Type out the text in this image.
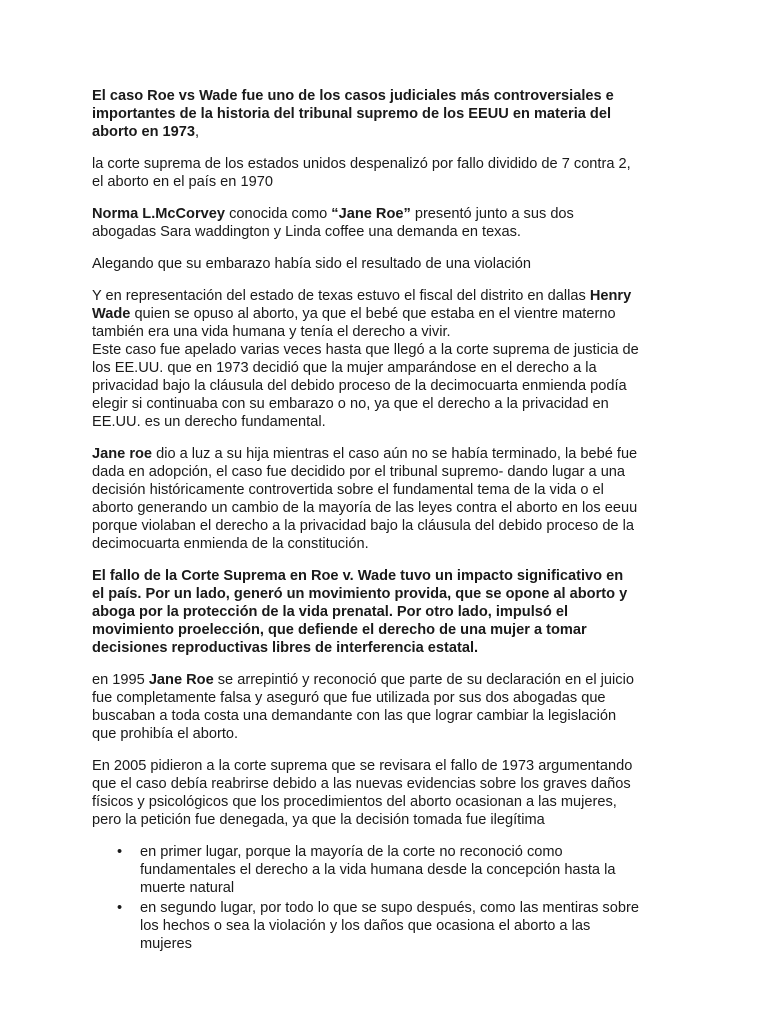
El caso Roe vs Wade fue uno de los casos judiciales más controversiales e
importantes de la historia del tribunal supremo de los EEUU en materia del
aborto en 1973,

la corte suprema de los estados unidos despenalizó por fallo dividido de 7 contra 2,
el aborto en el país en 1970

Norma L.McCorvey conocida como “Jane Roe” presentó junto a sus dos
abogadas Sara waddington y Linda coffee una demanda en texas.

Alegando que su embarazo había sido el resultado de una violación

Y en representación del estado de texas estuvo el fiscal del distrito en dallas Henry
Wade quien se opuso al aborto, ya que el bebé que estaba en el vientre materno
también era una vida humana y tenía el derecho a vivir.
Este caso fue apelado varias veces hasta que llegó a la corte suprema de justicia de
los EE.UU. que en 1973 decidió que la mujer amparándose en el derecho a la
privacidad bajo la cláusula del debido proceso de la decimocuarta enmienda podía
elegir si continuaba con su embarazo o no, ya que el derecho a la privacidad en
EE.UU. es un derecho fundamental.

Jane roe dio a luz a su hija mientras el caso aún no se había terminado, la bebé fue
dada en adopción, el caso fue decidido por el tribunal supremo- dando lugar a una
decisión históricamente controvertida sobre el fundamental tema de la vida o el
aborto generando un cambio de la mayoría de las leyes contra el aborto en los eeuu
porque violaban el derecho a la privacidad bajo la cláusula del debido proceso de la
decimocuarta enmienda de la constitución.

El fallo de la Corte Suprema en Roe v. Wade tuvo un impacto significativo en
el país. Por un lado, generó un movimiento provida, que se opone al aborto y
aboga por la protección de la vida prenatal. Por otro lado, impulsó el
movimiento proelección, que defiende el derecho de una mujer a tomar
decisiones reproductivas libres de interferencia estatal.

en 1995 Jane Roe se arrepintió y reconoció que parte de su declaración en el juicio
fue completamente falsa y aseguró que fue utilizada por sus dos abogadas que
buscaban a toda costa una demandante con las que lograr cambiar la legislación
que prohibía el aborto.

En 2005 pidieron a la corte suprema que se revisara el fallo de 1973 argumentando
que el caso debía reabrirse debido a las nuevas evidencias sobre los graves daños
físicos y psicológicos que los procedimientos del aborto ocasionan a las mujeres,
pero la petición fue denegada, ya que la decisión tomada fue ilegítima

• en primer lugar, porque la mayoría de la corte no reconoció como
fundamentales el derecho a la vida humana desde la concepción hasta la
muerte natural
• en segundo lugar, por todo lo que se supo después, como las mentiras sobre
los hechos o sea la violación y los daños que ocasiona el aborto a las
mujeres
